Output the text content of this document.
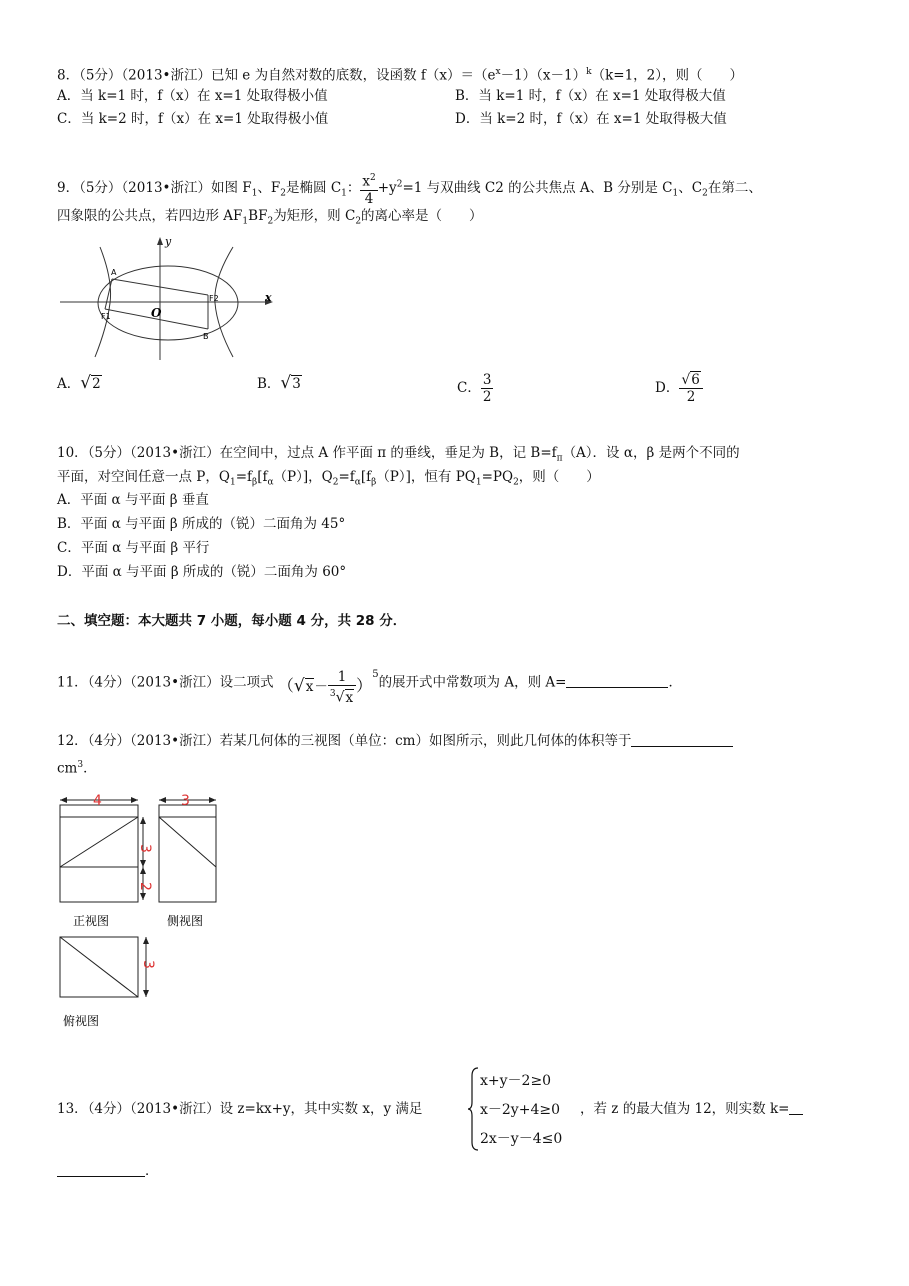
8．（5分）（2013•浙江）已知 e 为自然对数的底数，设函数 $f(x)=(e^x-1)(x-1)^k(k=1$，2），则（　　）
A．当 k=1 时，f（x）在 x=1 处取得极小值	B．当 k=1 时，f（x）在 x=1 处取得极大值
C．当 k=2 时，f（x）在 x=1 处取得极小值	D．当 k=2 时，f（x）在 x=1 处取得极大值
9．（5分）（2013•浙江）如图 $F_1$、$F_2$是椭圆 $C_1$： $\frac{x^2}{4} +y^2=1$ 与双曲线 C2 的公共焦点 A、B 分别是 $C_1$、$C_2$在第二、
四象限的公共点，若四边形 $AF_1BF_2$为矩形，则 $C_2$的离心率是（　　）
y
x
O
A
B
F1
F2
A．√2	B．√3	C． $\frac{3}{2}$	D． $\frac{√6}{2}$
10．（5分）（2013•浙江）在空间中，过点 A 作平面 π 的垂线，垂足为 B，记 $B=f_\pi(A)$．设 α，β 是两个不同的
平面，对空间任意一点 P，$Q_1=f_\beta[f_\alpha(P)]$，$Q_2=f_\alpha[f_\beta(P)]$，恒有 $PQ_1=PQ_2$，则（　　）
A．平面 α 与平面 β 垂直
B．平面 α 与平面 β 所成的（锐）二面角为 45°
C．平面 α 与平面 β 平行
D．平面 α 与平面 β 所成的（锐）二面角为 60°
二、填空题：本大题共 7 小题，每小题 4 分，共 28 分．
11．（4分）（2013•浙江）设二项式 $(√x- \frac{1}{^3√x} )^5$的展开式中常数项为 A，则 A=	．
12．（4分）（2013•浙江）若某几何体的三视图（单位：cm）如图所示，则此几何体的体积等于
$cm^3$．
4
3
2
3
正视图	侧视图
3
俯视图
13．（4分）（2013•浙江）设 z=kx+y，其中实数 x，y 满足
x+y－2≥0
x－2y+4≥0
2x－y－4≤0
，若 z 的最大值为 12，则实数 k=
．
